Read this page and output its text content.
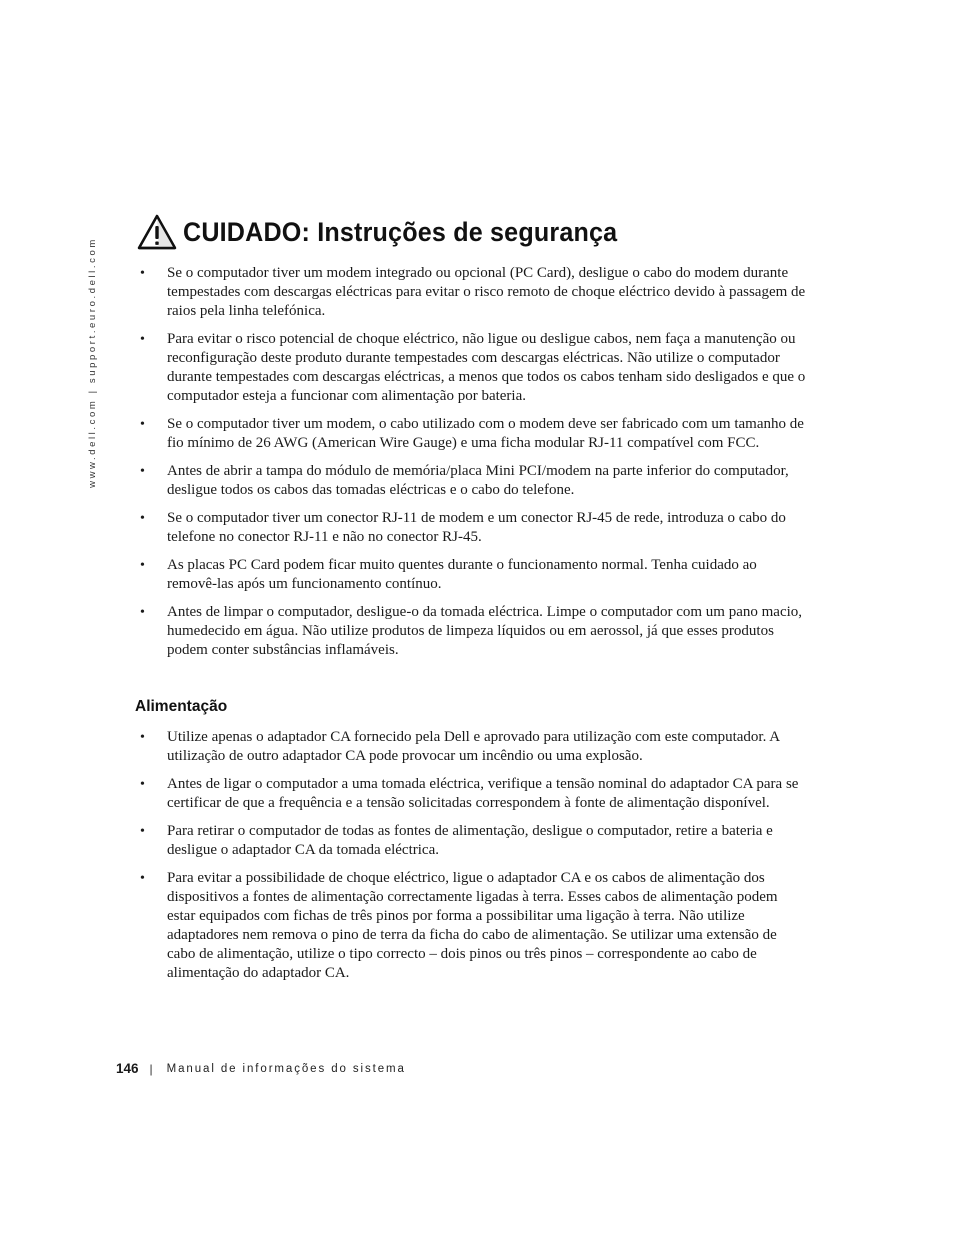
www.dell.com | support.euro.dell.com
CUIDADO: Instruções de segurança
• Se o computador tiver um modem integrado ou opcional (PC Card), desligue o cabo do modem durante tempestades com descargas eléctricas para evitar o risco remoto de choque eléctrico devido à passagem de raios pela linha telefónica.
• Para evitar o risco potencial de choque eléctrico, não ligue ou desligue cabos, nem faça a manutenção ou reconfiguração deste produto durante tempestades com descargas eléctricas. Não utilize o computador durante tempestades com descargas eléctricas, a menos que todos os cabos tenham sido desligados e que o computador esteja a funcionar com alimentação por bateria.
• Se o computador tiver um modem, o cabo utilizado com o modem deve ser fabricado com um tamanho de fio mínimo de 26 AWG (American Wire Gauge) e uma ficha modular RJ-11 compatível com FCC.
• Antes de abrir a tampa do módulo de memória/placa Mini PCI/modem na parte inferior do computador, desligue todos os cabos das tomadas eléctricas e o cabo do telefone.
• Se o computador tiver um conector RJ-11 de modem e um conector RJ-45 de rede, introduza o cabo do telefone no conector RJ-11 e não no conector RJ-45.
• As placas PC Card podem ficar muito quentes durante o funcionamento normal. Tenha cuidado ao removê-las após um funcionamento contínuo.
• Antes de limpar o computador, desligue-o da tomada eléctrica. Limpe o computador com um pano macio, humedecido em água. Não utilize produtos de limpeza líquidos ou em aerossol, já que esses produtos podem conter substâncias inflamáveis.
Alimentação
• Utilize apenas o adaptador CA fornecido pela Dell e aprovado para utilização com este computador. A utilização de outro adaptador CA pode provocar um incêndio ou uma explosão.
• Antes de ligar o computador a uma tomada eléctrica, verifique a tensão nominal do adaptador CA para se certificar de que a frequência e a tensão solicitadas correspondem à fonte de alimentação disponível.
• Para retirar o computador de todas as fontes de alimentação, desligue o computador, retire a bateria e desligue o adaptador CA da tomada eléctrica.
• Para evitar a possibilidade de choque eléctrico, ligue o adaptador CA e os cabos de alimentação dos dispositivos a fontes de alimentação correctamente ligadas à terra. Esses cabos de alimentação podem estar equipados com fichas de três pinos por forma a possibilitar uma ligação à terra. Não utilize adaptadores nem remova o pino de terra da ficha do cabo de alimentação. Se utilizar uma extensão de cabo de alimentação, utilize o tipo correcto – dois pinos ou três pinos – correspondente ao cabo de alimentação do adaptador CA.
146 | Manual de informações do sistema
